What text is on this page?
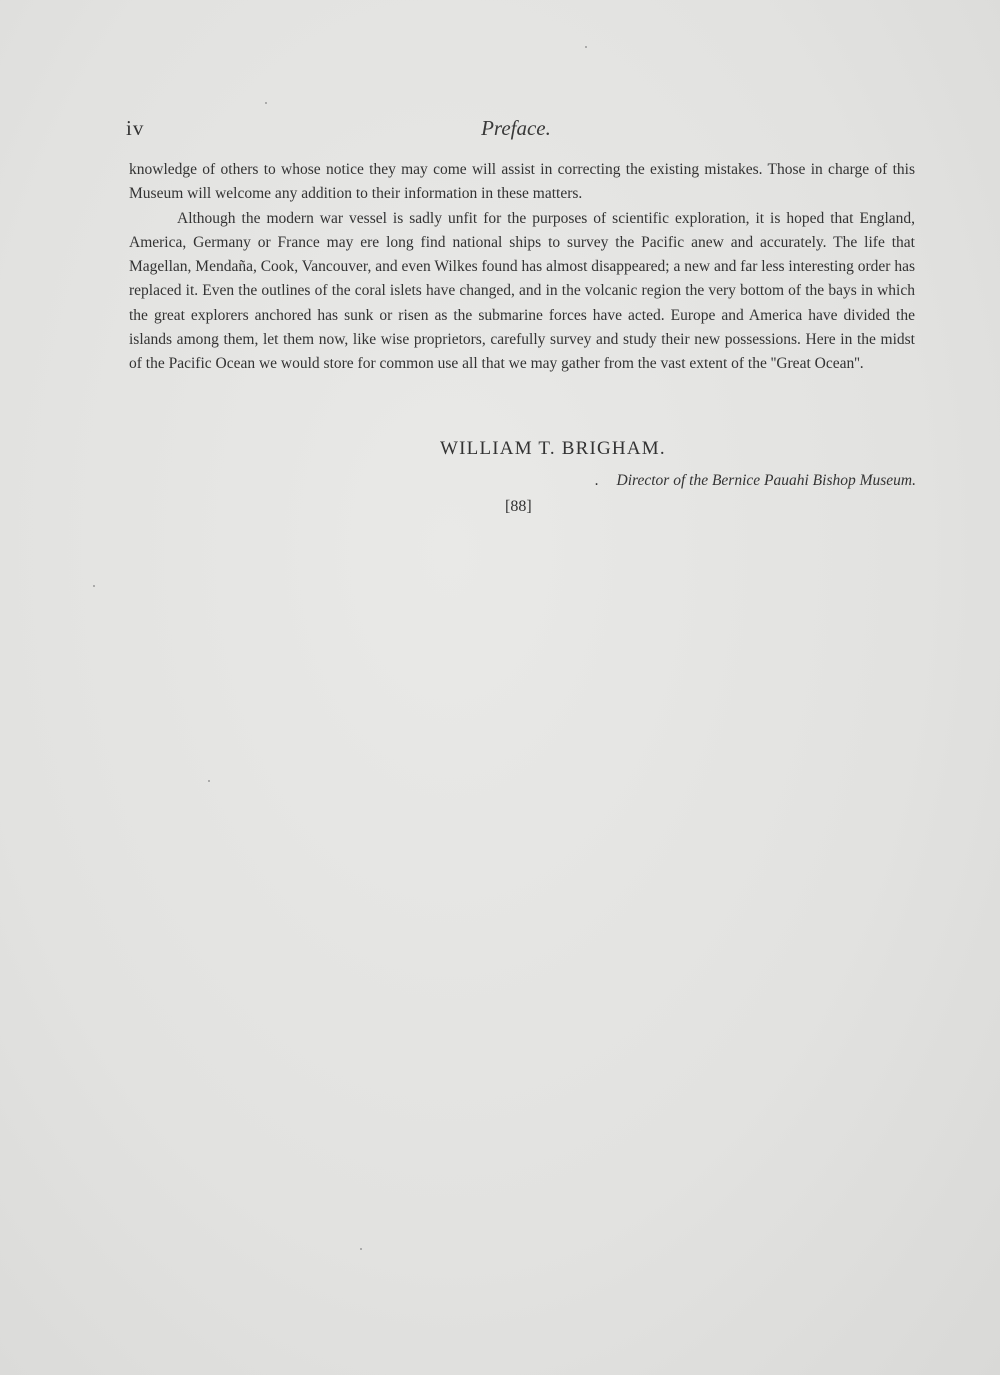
iv	Preface.

knowledge of others to whose notice they may come will assist in correcting the existing mistakes. Those in charge of this Museum will welcome any addition to their information in these matters.

Although the modern war vessel is sadly unfit for the purposes of scientific exploration, it is hoped that England, America, Germany or France may ere long find national ships to survey the Pacific anew and accurately. The life that Magellan, Mendaña, Cook, Vancouver, and even Wilkes found has almost disappeared; a new and far less interesting order has replaced it. Even the outlines of the coral islets have changed, and in the volcanic region the very bottom of the bays in which the great explorers anchored has sunk or risen as the submarine forces have acted. Europe and America have divided the islands among them, let them now, like wise proprietors, carefully survey and study their new possessions. Here in the midst of the Pacific Ocean we would store for common use all that we may gather from the vast extent of the ''Great Ocean''.

WILLIAM T. BRIGHAM.
. Director of the Bernice Pauahi Bishop Museum.
[88]
